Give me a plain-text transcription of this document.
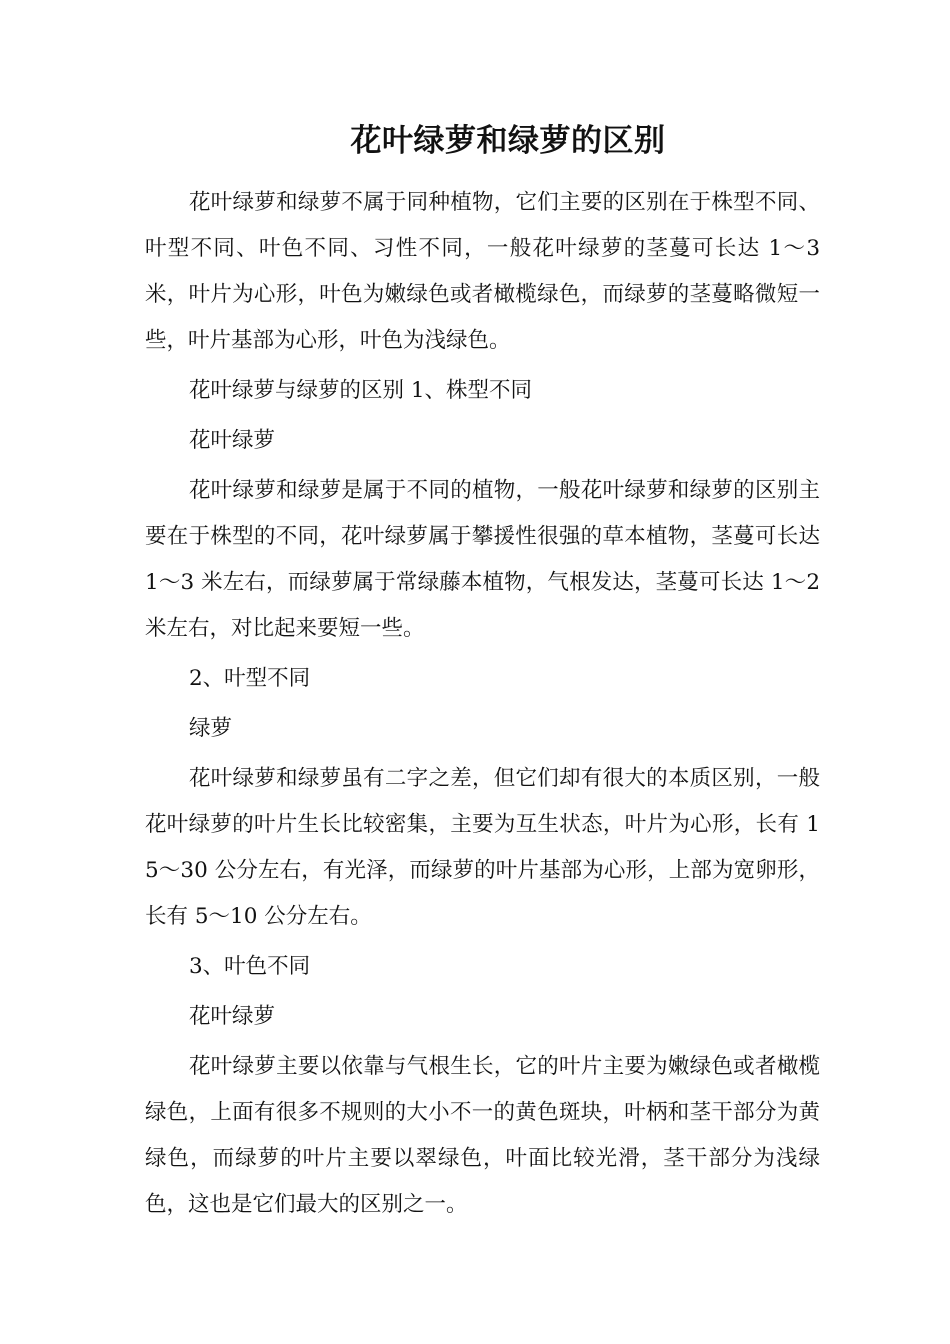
花叶绿萝和绿萝的区别

花叶绿萝和绿萝不属于同种植物，它们主要的区别在于株型不同、叶型不同、叶色不同、习性不同，一般花叶绿萝的茎蔓可长达 1～3 米，叶片为心形，叶色为嫩绿色或者橄榄绿色，而绿萝的茎蔓略微短一些，叶片基部为心形，叶色为浅绿色。

花叶绿萝与绿萝的区别 1、株型不同

花叶绿萝

花叶绿萝和绿萝是属于不同的植物，一般花叶绿萝和绿萝的区别主要在于株型的不同，花叶绿萝属于攀援性很强的草本植物，茎蔓可长达 1～3 米左右，而绿萝属于常绿藤本植物，气根发达，茎蔓可长达 1～2 米左右，对比起来要短一些。

2、叶型不同

绿萝

花叶绿萝和绿萝虽有二字之差，但它们却有很大的本质区别，一般花叶绿萝的叶片生长比较密集，主要为互生状态，叶片为心形，长有 15～30 公分左右，有光泽，而绿萝的叶片基部为心形，上部为宽卵形，长有 5～10 公分左右。

3、叶色不同

花叶绿萝

花叶绿萝主要以依靠与气根生长，它的叶片主要为嫩绿色或者橄榄绿色，上面有很多不规则的大小不一的黄色斑块，叶柄和茎干部分为黄绿色，而绿萝的叶片主要以翠绿色，叶面比较光滑，茎干部分为浅绿色，这也是它们最大的区别之一。
